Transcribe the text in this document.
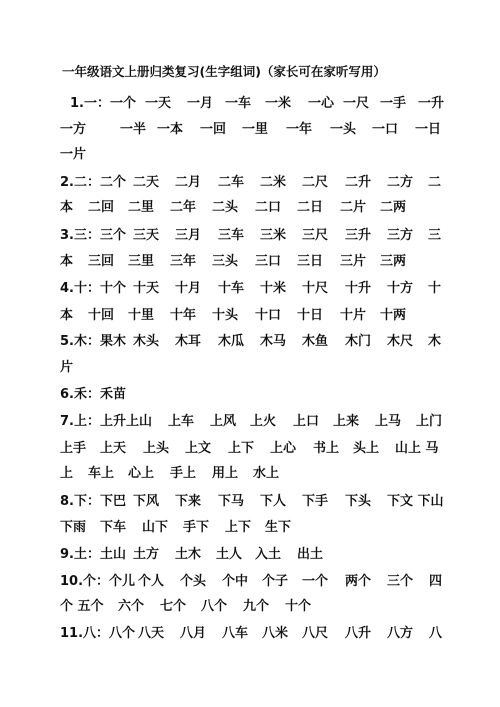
一年级语文上册归类复习(生字组词)（家长可在家听写用）
1.一：一个 一天 一月 一车 一米 一心 一尺 一手 一升
一方	一半 一本 一回 一里 一年 一头 一口 一日
一片
2.二：二个 二天 二月 二车 二米 二尺 二升 二方 二
本 二回 二里 二年 二头 二口 二日 二片 二两
3.三：三个 三天 三月 三车 三米 三尺 三升 三方 三
本 三回 三里 三年 三头 三口 三日 三片 三两
4.十：十个 十天 十月 十车 十米 十尺 十升 十方 十
本 十回 十里 十年 十头 十口 十日 十片 十两
5.木：果木 木头 木耳 木瓜 木马 木鱼 木门 木尺 木
片
6.禾：禾苗
7.上：上升 上山 上车 上风 上火 上口 上来 上马 上门
上手 上天 上头 上文 上下 上心 书上 头上 山上 马
上 车上 心上 手上 用上 水上
8.下：下巴 下风 下来 下马 下人 下手 下头 下文 下山
下雨 下车 山下 手下 上下 生下
9.土：土山 土方 土木 土人 入土 出土
10.个：个儿 个人 个头 个中 个子 一个 两个 三个 四
个 五个 六个 七个 八个 九个 十个
11.八：八个 八天 八月 八车 八米 八尺 八升 八方 八
